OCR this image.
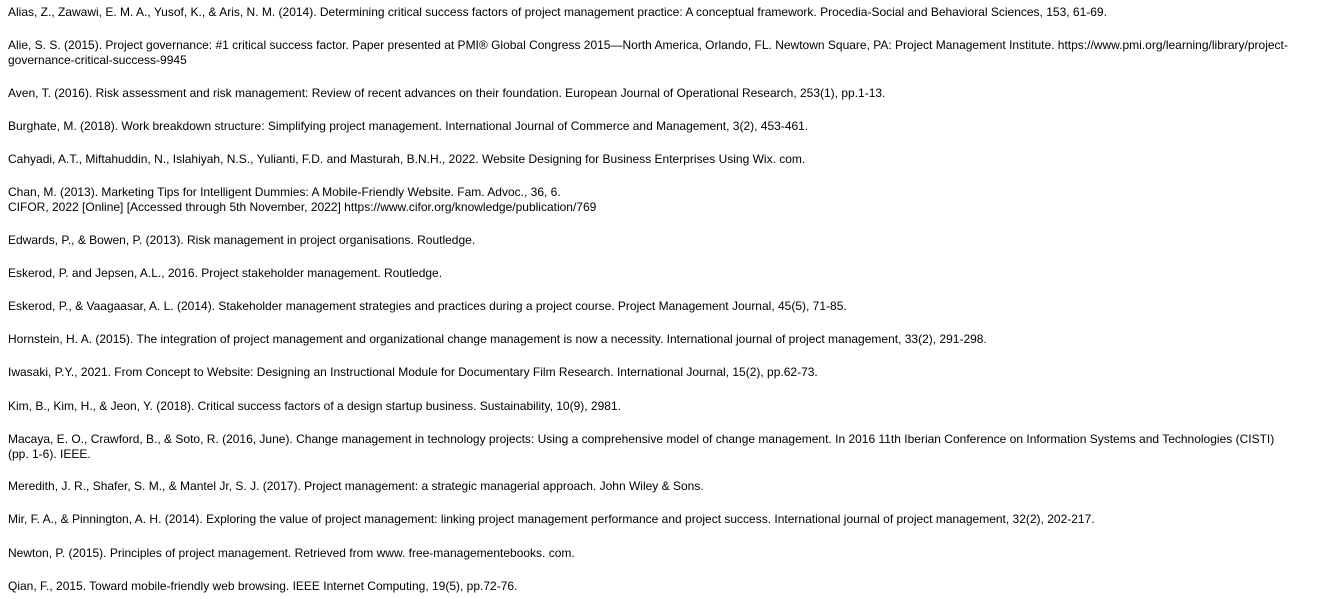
Alias, Z., Zawawi, E. M. A., Yusof, K., & Aris, N. M. (2014). Determining critical success factors of project management practice: A conceptual framework. Procedia-Social and Behavioral Sciences, 153, 61-69.
Alie, S. S. (2015). Project governance: #1 critical success factor. Paper presented at PMI® Global Congress 2015—North America, Orlando, FL. Newtown Square, PA: Project Management Institute. https://www.pmi.org/learning/library/project-
governance-critical-success-9945
Aven, T. (2016). Risk assessment and risk management: Review of recent advances on their foundation. European Journal of Operational Research, 253(1), pp.1-13.
Burghate, M. (2018). Work breakdown structure: Simplifying project management. International Journal of Commerce and Management, 3(2), 453-461.
Cahyadi, A.T., Miftahuddin, N., Islahiyah, N.S., Yulianti, F.D. and Masturah, B.N.H., 2022. Website Designing for Business Enterprises Using Wix. com.
Chan, M. (2013). Marketing Tips for Intelligent Dummies: A Mobile-Friendly Website. Fam. Advoc., 36, 6.
CIFOR, 2022 [Online] [Accessed through 5th November, 2022] https://www.cifor.org/knowledge/publication/769
Edwards, P., & Bowen, P. (2013). Risk management in project organisations. Routledge.
Eskerod, P. and Jepsen, A.L., 2016. Project stakeholder management. Routledge.
Eskerod, P., & Vaagaasar, A. L. (2014). Stakeholder management strategies and practices during a project course. Project Management Journal, 45(5), 71-85.
Hornstein, H. A. (2015). The integration of project management and organizational change management is now a necessity. International journal of project management, 33(2), 291-298.
Iwasaki, P.Y., 2021. From Concept to Website: Designing an Instructional Module for Documentary Film Research. International Journal, 15(2), pp.62-73.
Kim, B., Kim, H., & Jeon, Y. (2018). Critical success factors of a design startup business. Sustainability, 10(9), 2981.
Macaya, E. O., Crawford, B., & Soto, R. (2016, June). Change management in technology projects: Using a comprehensive model of change management. In 2016 11th Iberian Conference on Information Systems and Technologies (CISTI)
(pp. 1-6). IEEE.
Meredith, J. R., Shafer, S. M., & Mantel Jr, S. J. (2017). Project management: a strategic managerial approach. John Wiley & Sons.
Mir, F. A., & Pinnington, A. H. (2014). Exploring the value of project management: linking project management performance and project success. International journal of project management, 32(2), 202-217.
Newton, P. (2015). Principles of project management. Retrieved from www. free-managementebooks. com.
Qian, F., 2015. Toward mobile-friendly web browsing. IEEE Internet Computing, 19(5), pp.72-76.
